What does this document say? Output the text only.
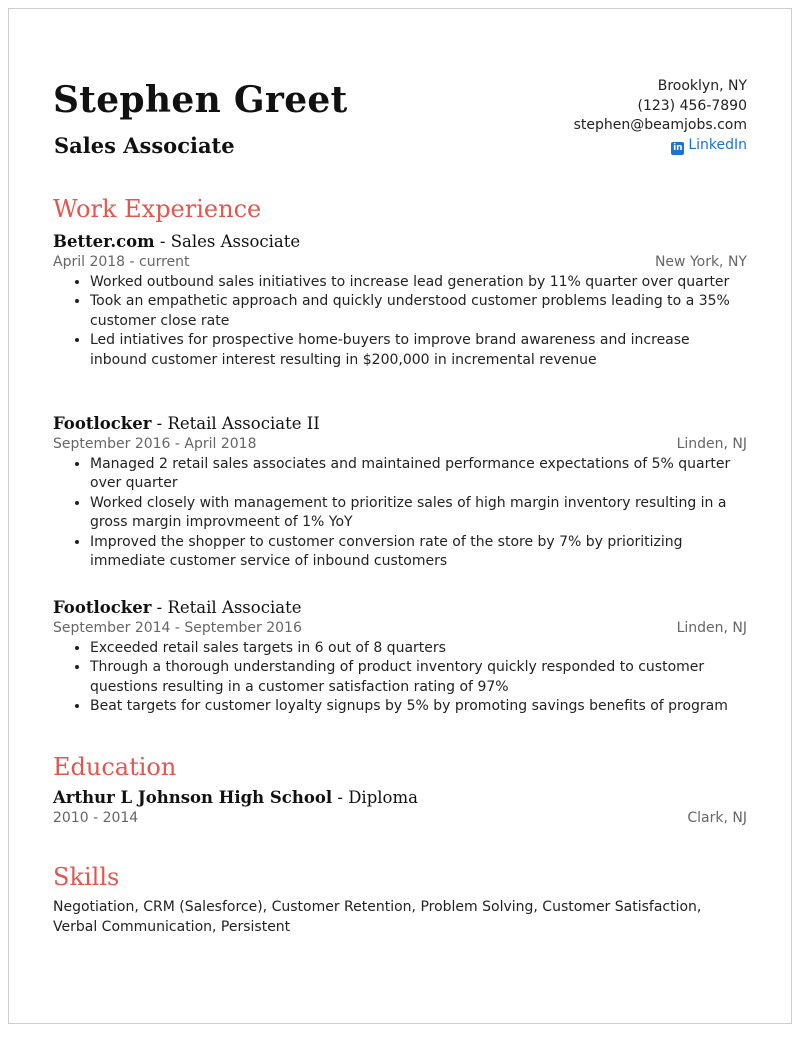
Stephen Greet
Sales Associate
Brooklyn, NY
(123) 456-7890
stephen@beamjobs.com
in LinkedIn
Work Experience
Better.com - Sales Associate
April 2018 - current	New York, NY
• Worked outbound sales initiatives to increase lead generation by 11% quarter over quarter
• Took an empathetic approach and quickly understood customer problems leading to a 35% customer close rate
• Led intiatives for prospective home-buyers to improve brand awareness and increase inbound customer interest resulting in $200,000 in incremental revenue
Footlocker - Retail Associate II
September 2016 - April 2018	Linden, NJ
• Managed 2 retail sales associates and maintained performance expectations of 5% quarter over quarter
• Worked closely with management to prioritize sales of high margin inventory resulting in a gross margin improvmeent of 1% YoY
• Improved the shopper to customer conversion rate of the store by 7% by prioritizing immediate customer service of inbound customers
Footlocker - Retail Associate
September 2014 - September 2016	Linden, NJ
• Exceeded retail sales targets in 6 out of 8 quarters
• Through a thorough understanding of product inventory quickly responded to customer questions resulting in a customer satisfaction rating of 97%
• Beat targets for customer loyalty signups by 5% by promoting savings benefits of program
Education
Arthur L Johnson High School - Diploma
2010 - 2014	Clark, NJ
Skills

Negotiation, CRM (Salesforce), Customer Retention, Problem Solving, Customer Satisfaction, Verbal Communication, Persistent
